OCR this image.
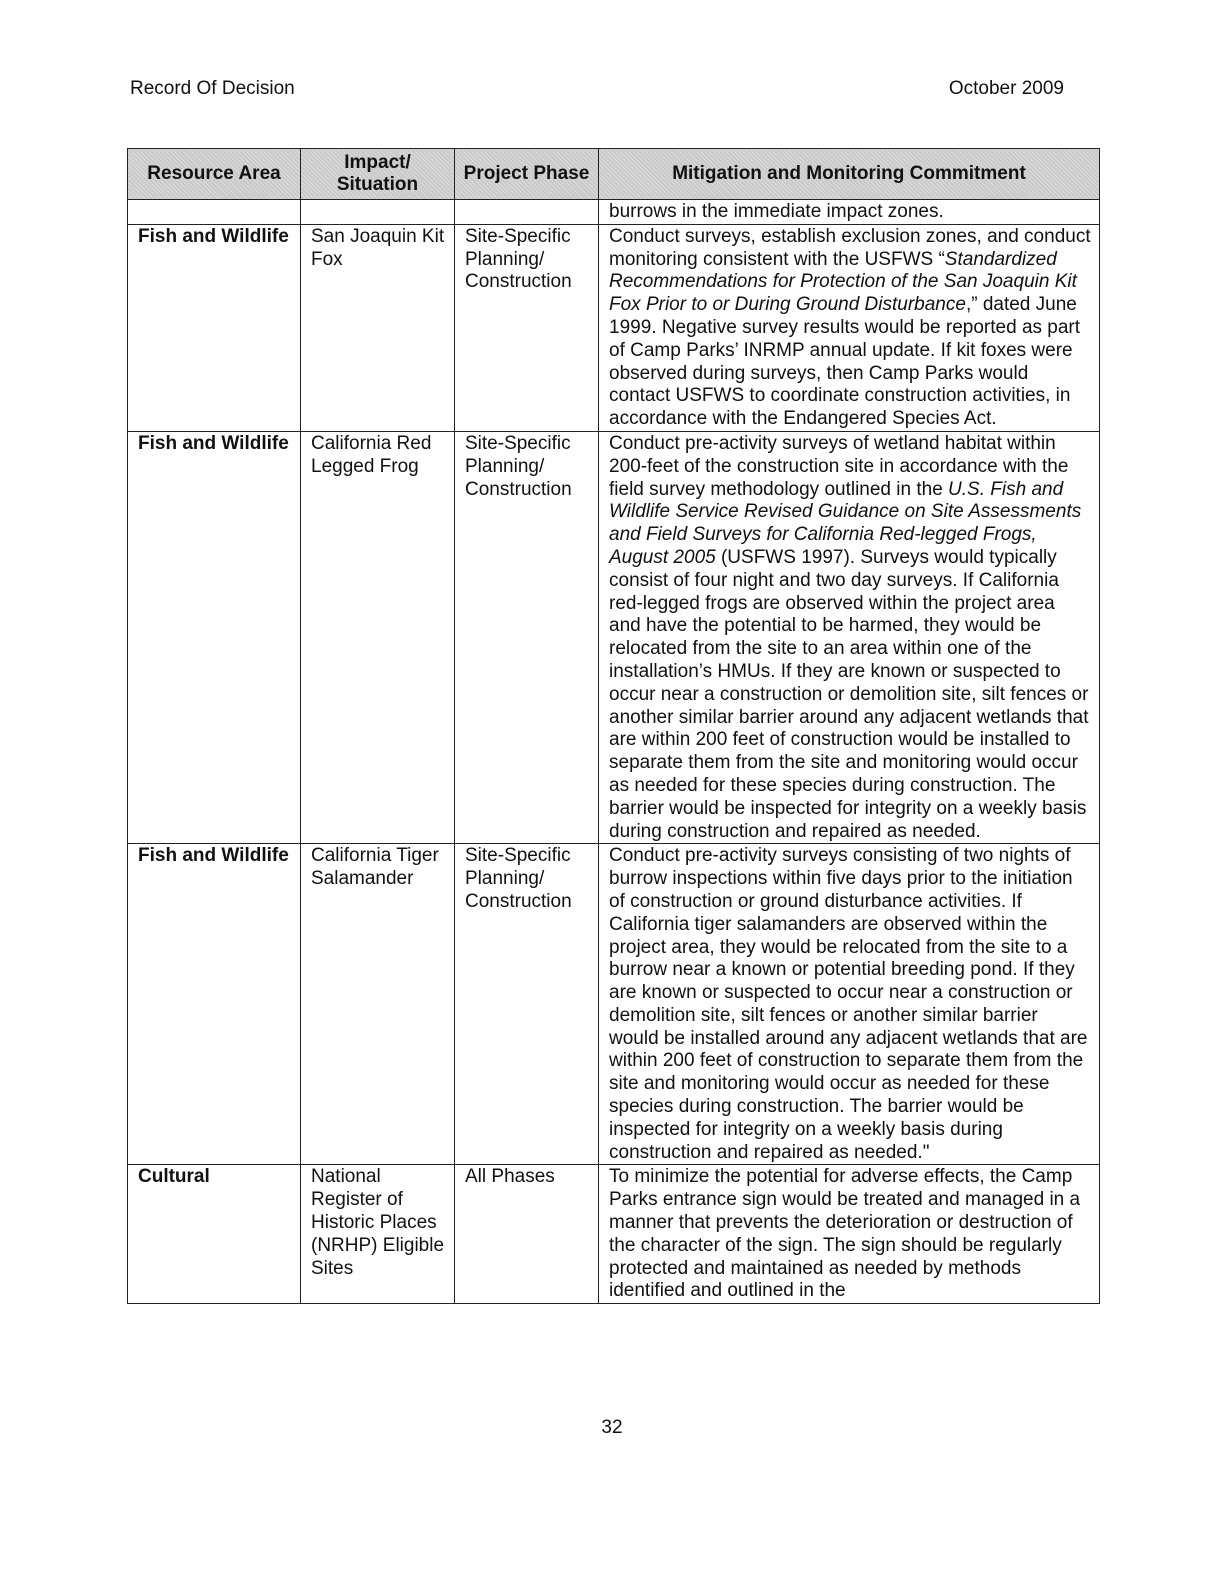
Record Of Decision	October 2009
Resource Area	Impact/ Situation	Project Phase	Mitigation and Monitoring Commitment
			burrows in the immediate impact zones.
Fish and Wildlife	San Joaquin Kit Fox	Site-Specific Planning/ Construction	Conduct surveys, establish exclusion zones, and conduct monitoring consistent with the USFWS “Standardized Recommendations for Protection of the San Joaquin Kit Fox Prior to or During Ground Disturbance,” dated June 1999. Negative survey results would be reported as part of Camp Parks’ INRMP annual update. If kit foxes were observed during surveys, then Camp Parks would contact USFWS to coordinate construction activities, in accordance with the Endangered Species Act.
Fish and Wildlife	California Red Legged Frog	Site-Specific Planning/ Construction	Conduct pre-activity surveys of wetland habitat within 200-feet of the construction site in accordance with the field survey methodology outlined in the U.S. Fish and Wildlife Service Revised Guidance on Site Assessments and Field Surveys for California Red-legged Frogs, August 2005 (USFWS 1997). Surveys would typically consist of four night and two day surveys. If California red-legged frogs are observed within the project area and have the potential to be harmed, they would be relocated from the site to an area within one of the installation’s HMUs. If they are known or suspected to occur near a construction or demolition site, silt fences or another similar barrier around any adjacent wetlands that are within 200 feet of construction would be installed to separate them from the site and monitoring would occur as needed for these species during construction. The barrier would be inspected for integrity on a weekly basis during construction and repaired as needed.
Fish and Wildlife	California Tiger Salamander	Site-Specific Planning/ Construction	Conduct pre-activity surveys consisting of two nights of burrow inspections within five days prior to the initiation of construction or ground disturbance activities. If California tiger salamanders are observed within the project area, they would be relocated from the site to a burrow near a known or potential breeding pond. If they are known or suspected to occur near a construction or demolition site, silt fences or another similar barrier would be installed around any adjacent wetlands that are within 200 feet of construction to separate them from the site and monitoring would occur as needed for these species during construction. The barrier would be inspected for integrity on a weekly basis during construction and repaired as needed."
Cultural	National Register of Historic Places (NRHP) Eligible Sites	All Phases	To minimize the potential for adverse effects, the Camp Parks entrance sign would be treated and managed in a manner that prevents the deterioration or destruction of the character of the sign. The sign should be regularly protected and maintained as needed by methods identified and outlined in the
32
